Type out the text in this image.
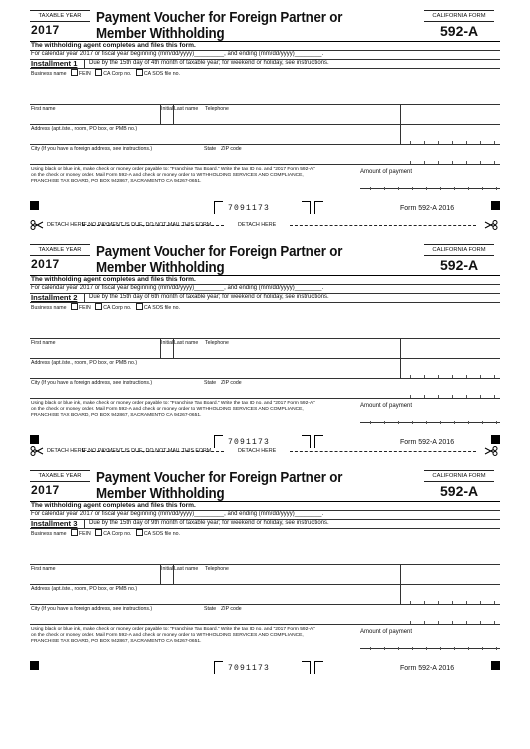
TAXABLE YEAR
2017
Payment Voucher for Foreign Partner or
Member Withholding
CALIFORNIA FORM
592-A
The withholding agent completes and files this form.
For calendar year 2017 or fiscal year beginning (mm/dd/yyyy)_________, and ending (mm/dd/yyyy)________.
Installment 1 Due by the 15th day of 4th month of taxable year; for weekend or holiday, see instructions.
Business name FEIN CA Corp no. CA SOS file no.
First name	Initial Last name Telephone
Address (apt./ste., room, PO box, or PMB no.)
City (If you have a foreign address, see instructions.)	State ZIP code
Using black or blue ink, make check or money order payable to: “Franchise Tax Board.” Write the tax ID no. and “2017 Form 592-A”
on the check or money order. Mail Form 592-A and check or money order to WITHHOLDING SERVICES AND COMPLIANCE,
FRANCHISE TAX BOARD, PO BOX 942867, SACRAMENTO CA 94267-0651.
Amount of payment
7091173	Form 592-A 2016
TAXABLE YEAR
2017
Payment Voucher for Foreign Partner or
Member Withholding
CALIFORNIA FORM
592-A
The withholding agent completes and files this form.
For calendar year 2017 or fiscal year beginning (mm/dd/yyyy)_________, and ending (mm/dd/yyyy)________.
Installment 2 Due by the 15th day of 6th month of taxable year; for weekend or holiday, see instructions.
Business name FEIN CA Corp no. CA SOS file no.
First name	Initial Last name Telephone
Address (apt./ste., room, PO box, or PMB no.)
City (If you have a foreign address, see instructions.)	State ZIP code
Using black or blue ink, make check or money order payable to: “Franchise Tax Board.” Write the tax ID no. and “2017 Form 592-A”
on the check or money order. Mail Form 592-A and check or money order to WITHHOLDING SERVICES AND COMPLIANCE,
FRANCHISE TAX BOARD, PO BOX 942867, SACRAMENTO CA 94267-0651.
Amount of payment
7091173	Form 592-A 2016
TAXABLE YEAR
2017
Payment Voucher for Foreign Partner or
Member Withholding
CALIFORNIA FORM
592-A
The withholding agent completes and files this form.
For calendar year 2017 or fiscal year beginning (mm/dd/yyyy)_________, and ending (mm/dd/yyyy)________.
Installment 3 Due by the 15th day of 9th month of taxable year; for weekend or holiday, see instructions.
Business name FEIN CA Corp no. CA SOS file no.
First name	Initial Last name Telephone
Address (apt./ste., room, PO box, or PMB no.)
City (If you have a foreign address, see instructions.)	State ZIP code
Using black or blue ink, make check or money order payable to: “Franchise Tax Board.” Write the tax ID no. and “2017 Form 592-A”
on the check or money order. Mail Form 592-A and check or money order to WITHHOLDING SERVICES AND COMPLIANCE,
FRANCHISE TAX BOARD, PO BOX 942867, SACRAMENTO CA 94267-0651.
Amount of payment
7091173	Form 592-A 2016
DETACH HERE
IF NO PAYMENT IS DUE, DO NOT MAIL THIS FORM	DETACH HERE
DETACH HERE
IF NO PAYMENT IS DUE, DO NOT MAIL THIS FORM	DETACH HERE
